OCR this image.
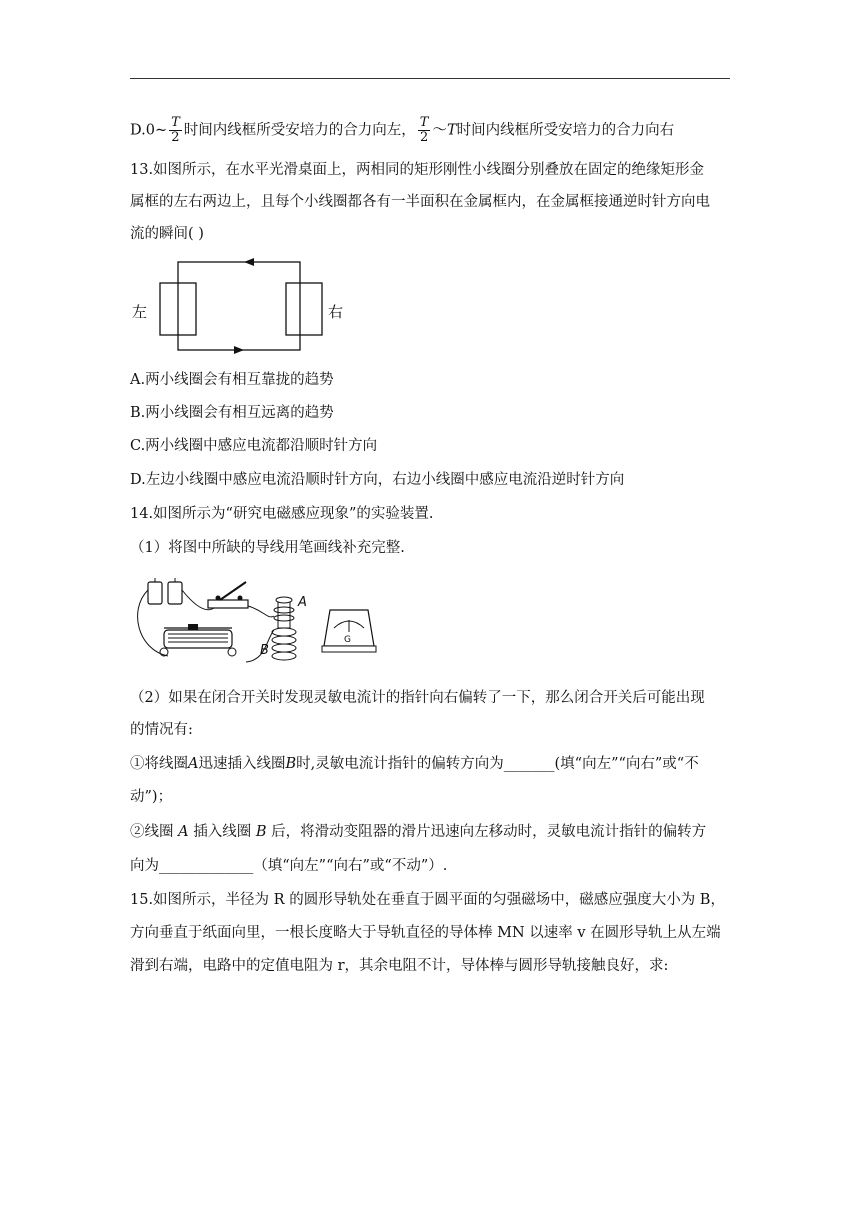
D.0~ $\frac{T}{2}$ 时间内线框所受安培力的合力向左， $\frac{T}{2}$ ～T时间内线框所受安培力的合力向右
13.如图所示，在水平光滑桌面上，两相同的矩形刚性小线圈分别叠放在固定的绝缘矩形金
属框的左右两边上，且每个小线圈都各有一半面积在金属框内，在金属框接通逆时针方向电
流的瞬间( )
左	右
A.两小线圈会有相互靠拢的趋势
B.两小线圈会有相互远离的趋势
C.两小线圈中感应电流都沿顺时针方向
D.左边小线圈中感应电流沿顺时针方向，右边小线圈中感应电流沿逆时针方向
14.如图所示为“研究电磁感应现象”的实验装置.
（1）将图中所缺的导线用笔画线补充完整.
A
B
G
（2）如果在闭合开关时发现灵敏电流计的指针向右偏转了一下，那么闭合开关后可能出现
的情况有:
①将线圈A迅速插入线圈B时,灵敏电流计指针的偏转方向为_______(填“向左”“向右”或“不
动”)；
②线圈 A 插入线圈 B 后，将滑动变阻器的滑片迅速向左移动时，灵敏电流计指针的偏转方
向为_____________（填“向左”“向右”或“不动”）.
15.如图所示，半径为 R 的圆形导轨处在垂直于圆平面的匀强磁场中，磁感应强度大小为 B，
方向垂直于纸面向里，一根长度略大于导轨直径的导体棒 MN 以速率 v 在圆形导轨上从左端
滑到右端，电路中的定值电阻为 r，其余电阻不计，导体棒与圆形导轨接触良好，求:
